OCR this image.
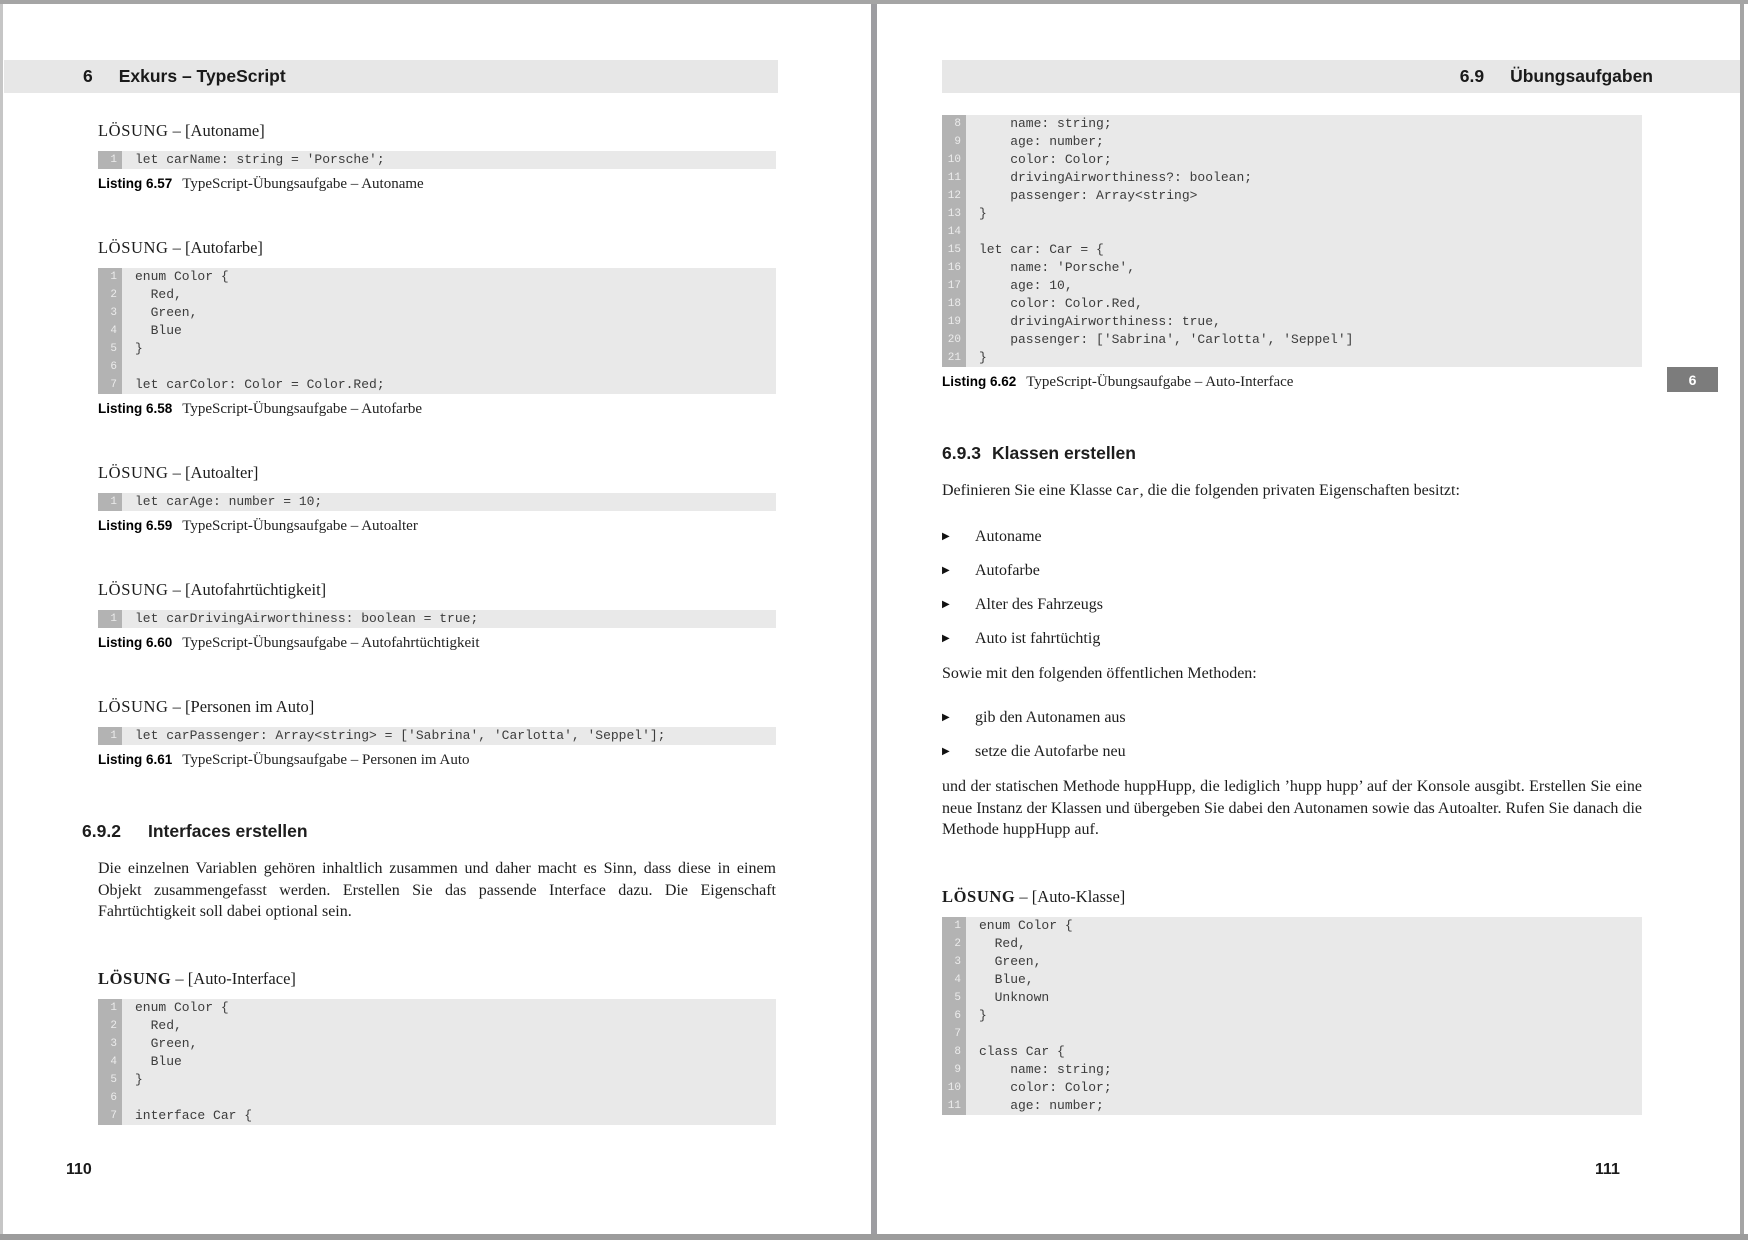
6 Exkurs – TypeScript	6.9 Übungsaufgaben
LÖSUNG – [Autoname]
1	let carName: string = 'Porsche';
Listing 6.57 TypeScript-Übungsaufgabe – Autoname
LÖSUNG – [Autofarbe]
1	enum Color {
2	Red,
3	Green,
4	Blue
5	}
6
7	let carColor: Color = Color.Red;
Listing 6.58 TypeScript-Übungsaufgabe – Autofarbe
LÖSUNG – [Autoalter]
1	let carAge: number = 10;
Listing 6.59 TypeScript-Übungsaufgabe – Autoalter
LÖSUNG – [Autofahrtüchtigkeit]
1	let carDrivingAirworthiness: boolean = true;
Listing 6.60 TypeScript-Übungsaufgabe – Autofahrtüchtigkeit
LÖSUNG – [Personen im Auto]
1	let carPassenger: Array<string> = ['Sabrina', 'Carlotta', 'Seppel'];
Listing 6.61 TypeScript-Übungsaufgabe – Personen im Auto
6.9.2	Interfaces erstellen
Die einzelnen Variablen gehören inhaltlich zusammen und daher macht es Sinn, dass diese in einem Objekt zusammengefasst werden. Erstellen Sie das passende Interface dazu. Die Eigenschaft Fahrtüchtigkeit soll dabei optional sein.
LÖSUNG – [Auto-Interface]
1	enum Color {
2	Red,
3	Green,
4	Blue
5	}
6
7	interface Car {
8	name: string;
9	age: number;
10	color: Color;
11	drivingAirworthiness?: boolean;
12	passenger: Array<string>
13	}
14
15	let car: Car = {
16	name: 'Porsche',
17	age: 10,
18	color: Color.Red,
19	drivingAirworthiness: true,
20	passenger: ['Sabrina', 'Carlotta', 'Seppel']
21	}
Listing 6.62 TypeScript-Übungsaufgabe – Auto-Interface
6.9.3 Klassen erstellen
Definieren Sie eine Klasse Car, die die folgenden privaten Eigenschaften besitzt:
▶	Autoname
▶	Autofarbe
▶	Alter des Fahrzeugs
▶	Auto ist fahrtüchtig
Sowie mit den folgenden öffentlichen Methoden:
▶	gib den Autonamen aus
▶	setze die Autofarbe neu
und der statischen Methode huppHupp, die lediglich ’hupp hupp’ auf der Konsole ausgibt. Erstellen Sie eine neue Instanz der Klassen und übergeben Sie dabei den Autonamen sowie das Autoalter. Rufen Sie danach die Methode huppHupp auf.
LÖSUNG – [Auto-Klasse]
1	enum Color {
2	Red,
3	Green,
4	Blue,
5	Unknown
6	}
7
8	class Car {
9	name: string;
10	color: Color;
11	age: number;
110	111
6
